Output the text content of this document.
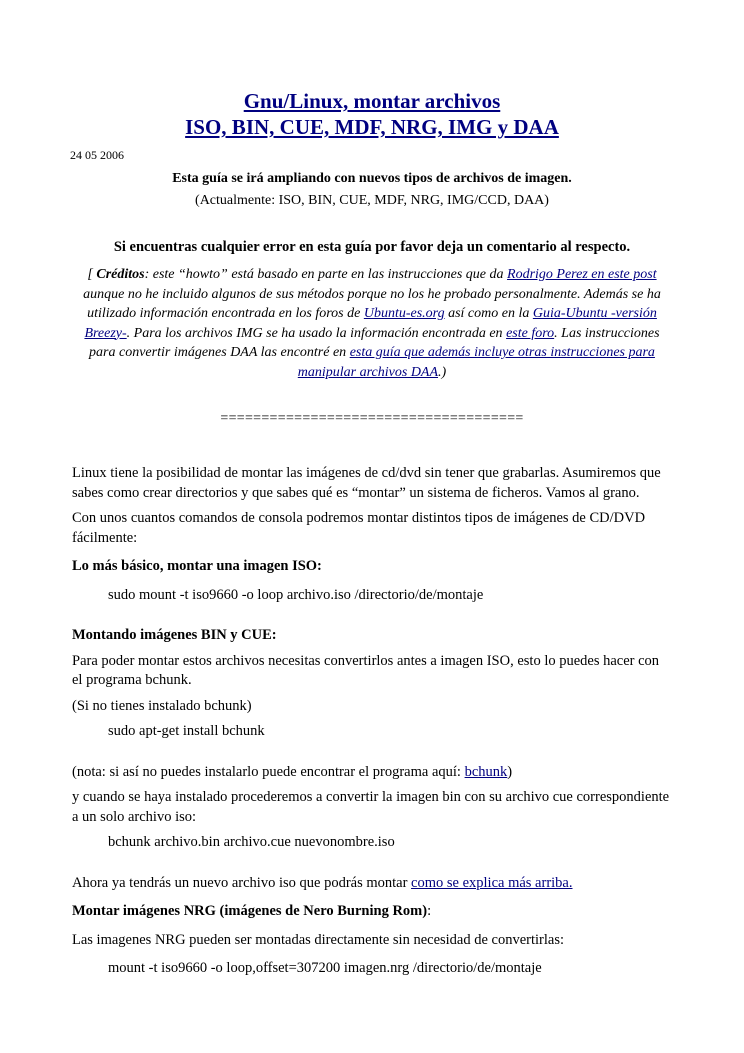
Gnu/Linux, montar archivos
ISO, BIN, CUE, MDF, NRG, IMG y DAA
24 05 2006
Esta guía se irá ampliando con nuevos tipos de archivos de imagen.
(Actualmente: ISO, BIN, CUE, MDF, NRG, IMG/CCD, DAA)
Si encuentras cualquier error en esta guía por favor deja un comentario al respecto.
[ Créditos: este “howto” está basado en parte en las instrucciones que da Rodrigo Perez en este post aunque no he incluido algunos de sus métodos porque no los he probado personalmente. Además se ha utilizado información encontrada en los foros de Ubuntu-es.org así como en la Guia-Ubuntu -versión Breezy-. Para los archivos IMG se ha usado la información encontrada en este foro. Las instrucciones para convertir imágenes DAA las encontré en esta guía que además incluye otras instrucciones para manipular archivos DAA.)
=====================================

Linux tiene la posibilidad de montar las imágenes de cd/dvd sin tener que grabarlas. Asumiremos que sabes como crear directorios y que sabes qué es “montar” un sistema de ficheros. Vamos al grano.

Con unos cuantos comandos de consola podremos montar distintos tipos de imágenes de CD/DVD fácilmente:

Lo más básico, montar una imagen ISO:

sudo mount -t iso9660 -o loop archivo.iso /directorio/de/montaje

Montando imágenes BIN y CUE:

Para poder montar estos archivos necesitas convertirlos antes a imagen ISO, esto lo puedes hacer con el programa bchunk.

(Si no tienes instalado bchunk)

sudo apt-get install bchunk

(nota: si así no puedes instalarlo puede encontrar el programa aquí: bchunk)

y cuando se haya instalado procederemos a convertir la imagen bin con su archivo cue correspondiente a un solo archivo iso:

bchunk archivo.bin archivo.cue nuevonombre.iso

Ahora ya tendrás un nuevo archivo iso que podrás montar como se explica más arriba.

Montar imágenes NRG (imágenes de Nero Burning Rom):

Las imagenes NRG pueden ser montadas directamente sin necesidad de convertirlas:

mount -t iso9660 -o loop,offset=307200 imagen.nrg /directorio/de/montaje
